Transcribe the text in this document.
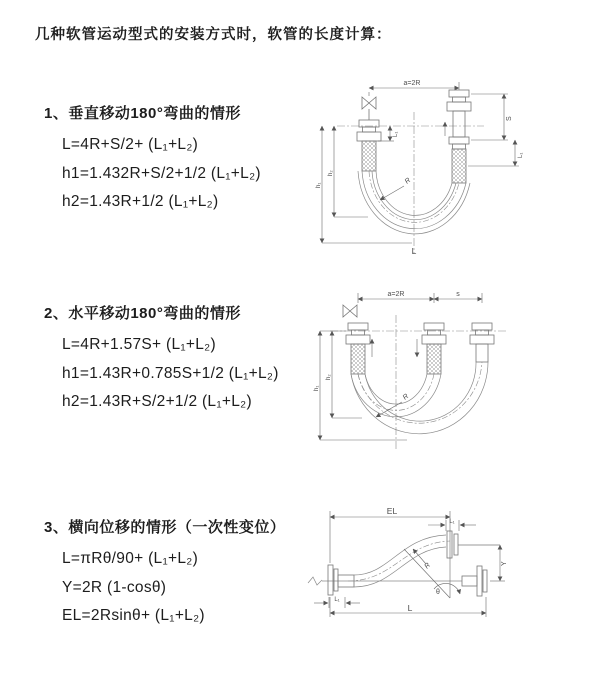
几种软管运动型式的安装方式时，软管的长度计算：
1、垂直移动180°弯曲的情形
L=4R+S/2+ (L₁+L₂)
h1=1.432R+S/2+1/2 (L₁+L₂)
h2=1.43R+1/2 (L₁+L₂)
2、水平移动180°弯曲的情形
L=4R+1.57S+ (L₁+L₂)
h1=1.43R+0.785S+1/2 (L₁+L₂)
h2=1.43R+S/2+1/2 (L₁+L₂)
3、横向位移的情形（一次性变位）
L=πRθ/90+ (L₁+L₂)
Y=2R (1-cosθ)
EL=2Rsinθ+ (L₁+L₂)
a=2R
h₁
h₂
L₁
S
L₁
R
L
a=2R	s
h₁
h₂
R
EL
L₁
Y
θ
R
L₁
L
